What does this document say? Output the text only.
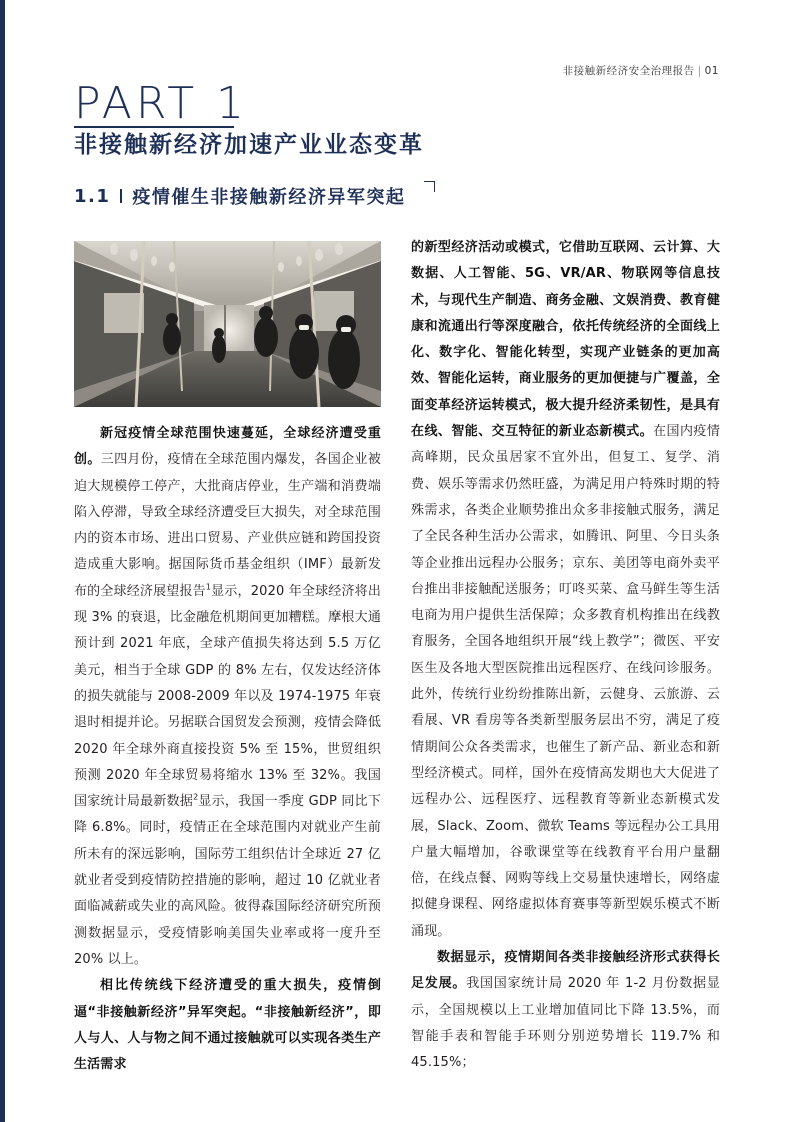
非接触新经济安全治理报告 | 01
PART 1
非接触新经济加速产业业态变革
1.1 疫情催生非接触新经济异军突起

新冠疫情全球范围快速蔓延，全球经济遭受重创。三四月份，疫情在全球范围内爆发，各国企业被迫大规模停工停产，大批商店停业，生产端和消费端陷入停滞，导致全球经济遭受巨大损失，对全球范围内的资本市场、进出口贸易、产业供应链和跨国投资造成重大影响。据国际货币基金组织（IMF）最新发布的全球经济展望报告$^1$显示，2020 年全球经济将出现 3% 的衰退，比金融危机期间更加糟糕。摩根大通预计到 2021 年底，全球产值损失将达到 5.5 万亿美元，相当于全球 GDP 的 8% 左右，仅发达经济体的损失就能与 2008-2009 年以及 1974-1975 年衰退时相提并论。另据联合国贸发会预测，疫情会降低 2020 年全球外商直接投资 5% 至 15%，世贸组织预测 2020 年全球贸易将缩水 13% 至 32%。我国国家统计局最新数据$^2$显示，我国一季度 GDP 同比下降 6.8%。同时，疫情正在全球范围内对就业产生前所未有的深远影响，国际劳工组织估计全球近 27 亿就业者受到疫情防控措施的影响，超过 10 亿就业者面临减薪或失业的高风险。彼得森国际经济研究所预测数据显示，受疫情影响美国失业率或将一度升至 20% 以上。

相比传统线下经济遭受的重大损失，疫情倒逼“非接触新经济”异军突起。“非接触新经济”，即人与人、人与物之间不通过接触就可以实现各类生产生活需求

的新型经济活动或模式，它借助互联网、云计算、大数据、人工智能、5G、VR/AR、物联网等信息技术，与现代生产制造、商务金融、文娱消费、教育健康和流通出行等深度融合，依托传统经济的全面线上化、数字化、智能化转型，实现产业链条的更加高效、智能化运转，商业服务的更加便捷与广覆盖，全面变革经济运转模式，极大提升经济柔韧性，是具有在线、智能、交互特征的新业态新模式。在国内疫情高峰期，民众虽居家不宜外出，但复工、复学、消费、娱乐等需求仍然旺盛，为满足用户特殊时期的特殊需求，各类企业顺势推出众多非接触式服务，满足了全民各种生活办公需求，如腾讯、阿里、今日头条等企业推出远程办公服务；京东、美团等电商外卖平台推出非接触配送服务；叮咚买菜、盒马鲜生等生活电商为用户提供生活保障；众多教育机构推出在线教育服务，全国各地组织开展“线上教学”；微医、平安医生及各地大型医院推出远程医疗、在线问诊服务。此外，传统行业纷纷推陈出新，云健身、云旅游、云看展、VR 看房等各类新型服务层出不穷，满足了疫情期间公众各类需求，也催生了新产品、新业态和新型经济模式。同样，国外在疫情高发期也大大促进了远程办公、远程医疗、远程教育等新业态新模式发展，Slack、Zoom、微软 Teams 等远程办公工具用户量大幅增加，谷歌课堂等在线教育平台用户量翻倍，在线点餐、网购等线上交易量快速增长，网络虚拟健身课程、网络虚拟体育赛事等新型娱乐模式不断涌现。

数据显示，疫情期间各类非接触经济形式获得长足发展。我国国家统计局 2020 年 1-2 月份数据显示，全国规模以上工业增加值同比下降 13.5%，而智能手表和智能手环则分别逆势增长 119.7% 和 45.15%；
